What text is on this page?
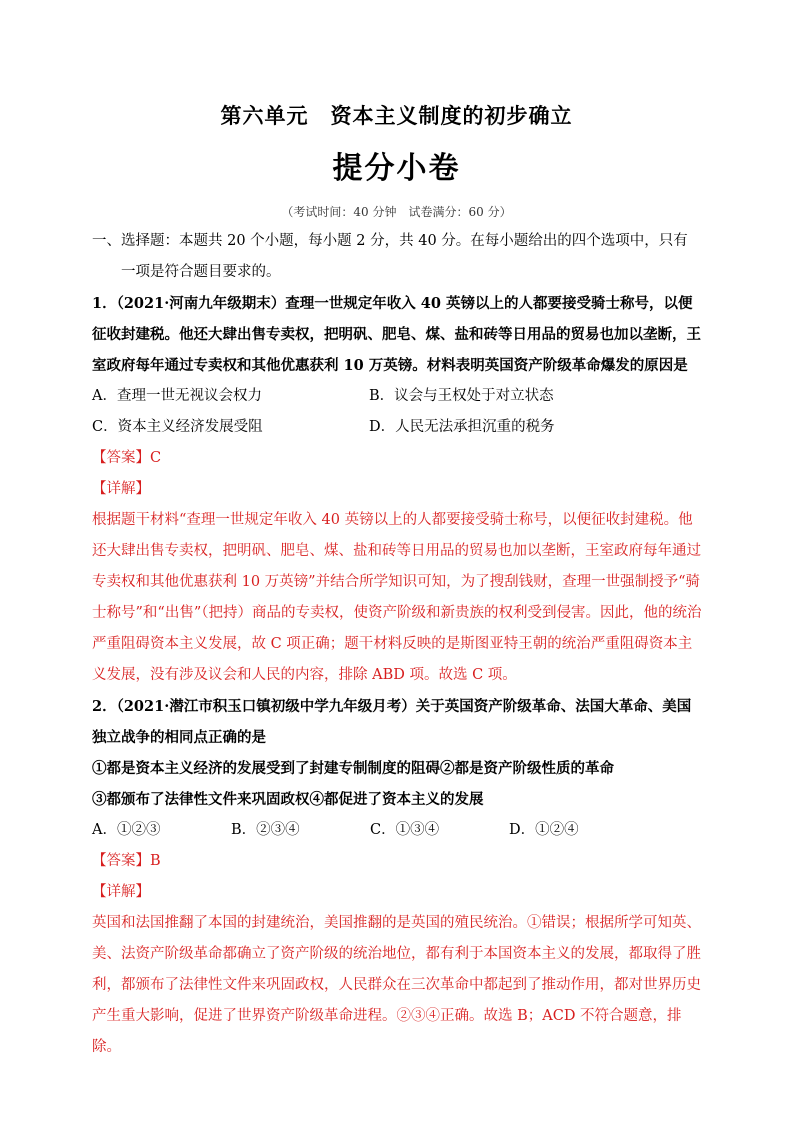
第六单元　资本主义制度的初步确立
提分小卷
（考试时间：40 分钟　试卷满分：60 分）

一、选择题：本题共 20 个小题，每小题 2 分，共 40 分。在每小题给出的四个选项中，只有一项是符合题目要求的。

1．（2021·河南九年级期末）查理一世规定年收入 40 英镑以上的人都要接受骑士称号，以便征收封建税。他还大肆出售专卖权，把明矾、肥皂、煤、盐和砖等日用品的贸易也加以垄断，王室政府每年通过专卖权和其他优惠获利 10 万英镑。材料表明英国资产阶级革命爆发的原因是

A．查理一世无视议会权力	B．议会与王权处于对立状态
C．资本主义经济发展受阻	D．人民无法承担沉重的税务

【答案】C

【详解】

根据题干材料“查理一世规定年收入 40 英镑以上的人都要接受骑士称号，以便征收封建税。他还大肆出售专卖权，把明矾、肥皂、煤、盐和砖等日用品的贸易也加以垄断，王室政府每年通过专卖权和其他优惠获利 10 万英镑”并结合所学知识可知，为了搜刮钱财，查理一世强制授予“骑士称号”和“出售”（把持）商品的专卖权，使资产阶级和新贵族的权利受到侵害。因此，他的统治严重阻碍资本主义发展，故 C 项正确；题干材料反映的是斯图亚特王朝的统治严重阻碍资本主义发展，没有涉及议会和人民的内容，排除 ABD 项。故选 C 项。

2．（2021·潜江市积玉口镇初级中学九年级月考）关于英国资产阶级革命、法国大革命、美国独立战争的相同点正确的是

①都是资本主义经济的发展受到了封建专制制度的阻碍②都是资产阶级性质的革命

③都颁布了法律性文件来巩固政权④都促进了资本主义的发展

A．①②③	B．②③④	C．①③④	D．①②④

【答案】B

【详解】

英国和法国推翻了本国的封建统治，美国推翻的是英国的殖民统治。①错误；根据所学可知英、美、法资产阶级革命都确立了资产阶级的统治地位，都有利于本国资本主义的发展，都取得了胜利，都颁布了法律性文件来巩固政权，人民群众在三次革命中都起到了推动作用，都对世界历史产生重大影响，促进了世界资产阶级革命进程。②③④正确。故选 B；ACD 不符合题意，排除。
